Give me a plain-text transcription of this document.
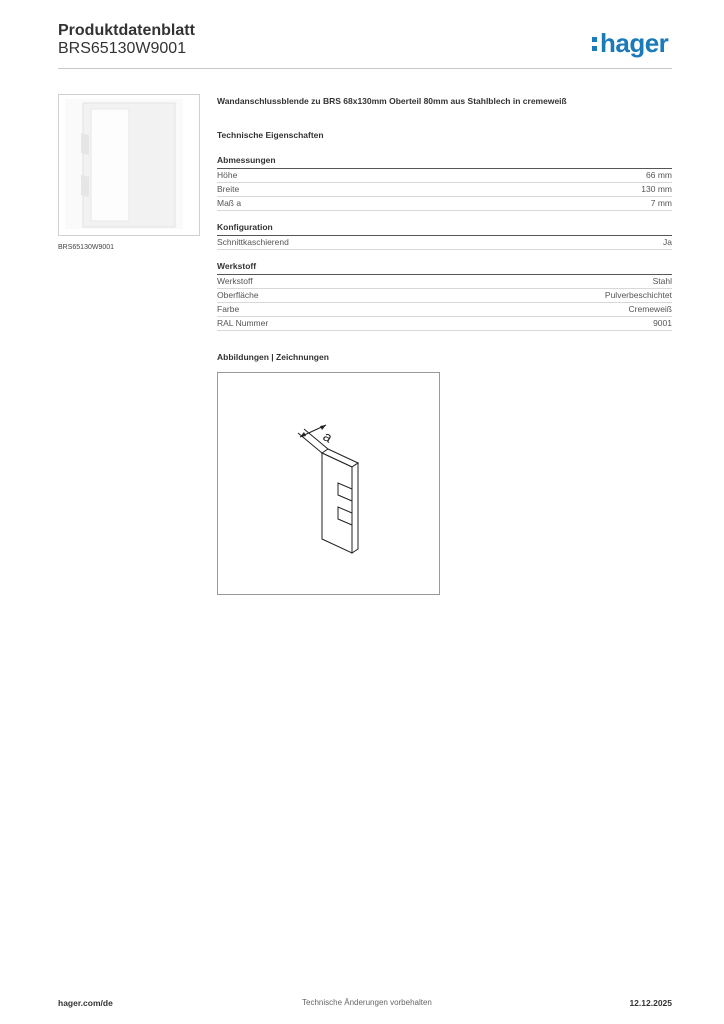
Produktdatenblatt
BRS65130W9001	hager
BRS65130W9001

Wandanschlussblende zu BRS 68x130mm Oberteil 80mm aus Stahlblech in cremeweiß

Technische Eigenschaften
Abmessungen
Höhe	66 mm
Breite	130 mm
Maß a	7 mm
Konfiguration
Schnittkaschierend	Ja
Werkstoff
Werkstoff	Stahl
Oberfläche	Pulverbeschichtet
Farbe	Cremeweiß
RAL Nummer	9001
Abbildungen | Zeichnungen
a
hager.com/de	Technische Änderungen vorbehalten	12.12.2025
